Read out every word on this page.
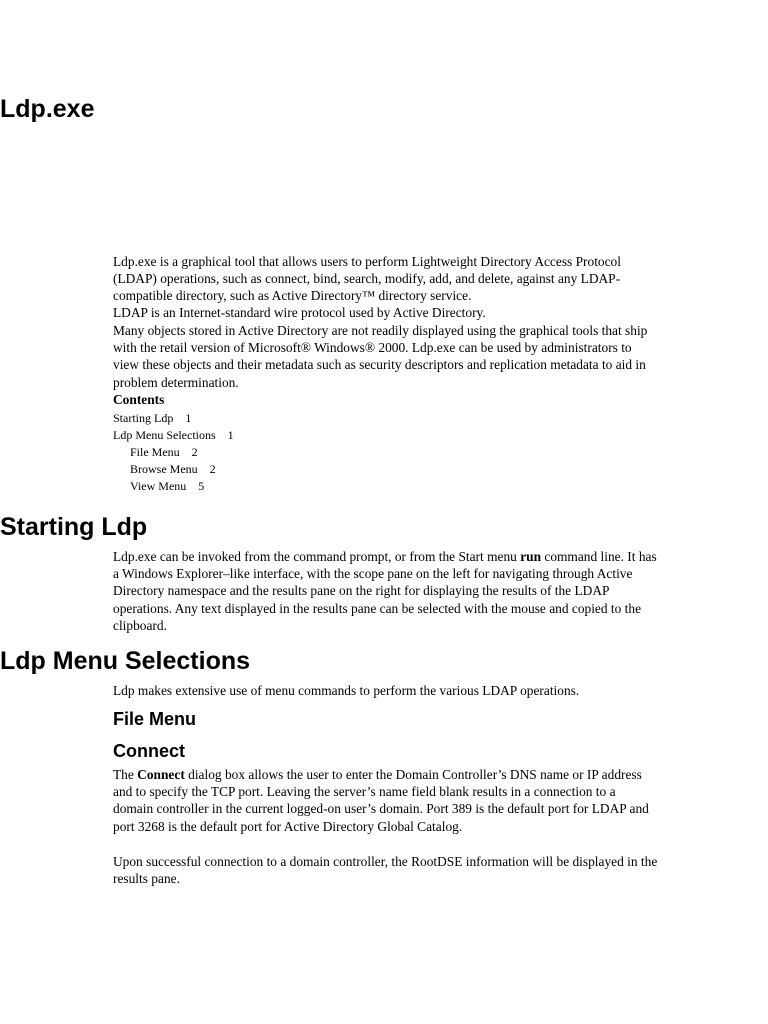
Ldp.exe
Ldp.exe is a graphical tool that allows users to perform Lightweight Directory Access Protocol (LDAP) operations, such as connect, bind, search, modify, add, and delete, against any LDAP-compatible directory, such as Active Directory™ directory service.
LDAP is an Internet-standard wire protocol used by Active Directory.
Many objects stored in Active Directory are not readily displayed using the graphical tools that ship with the retail version of Microsoft® Windows® 2000. Ldp.exe can be used by administrators to view these objects and their metadata such as security descriptors and replication metadata to aid in problem determination.
Contents
Starting Ldp 1
Ldp Menu Selections 1
File Menu 2
Browse Menu 2
View Menu 5
Starting Ldp
Ldp.exe can be invoked from the command prompt, or from the Start menu run command line. It has a Windows Explorer–like interface, with the scope pane on the left for navigating through Active Directory namespace and the results pane on the right for displaying the results of the LDAP operations. Any text displayed in the results pane can be selected with the mouse and copied to the clipboard.
Ldp Menu Selections
Ldp makes extensive use of menu commands to perform the various LDAP operations.
File Menu
Connect
The Connect dialog box allows the user to enter the Domain Controller’s DNS name or IP address and to specify the TCP port. Leaving the server’s name field blank results in a connection to a domain controller in the current logged-on user’s domain. Port 389 is the default port for LDAP and port 3268 is the default port for Active Directory Global Catalog.
Upon successful connection to a domain controller, the RootDSE information will be displayed in the results pane.
